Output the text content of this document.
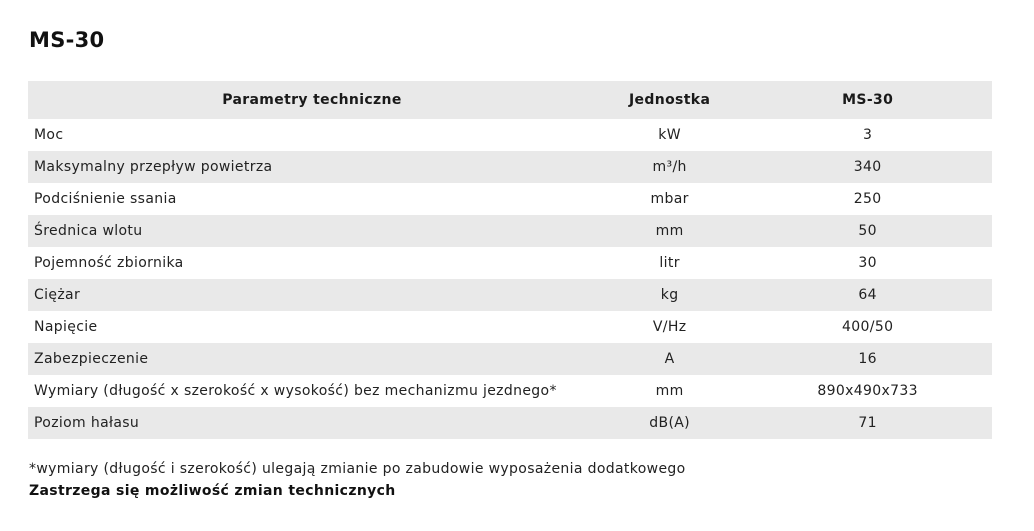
MS-30
Parametry techniczne	Jednostka	MS-30
Moc	kW	3
Maksymalny przepływ powietrza	m³/h	340
Podciśnienie ssania	mbar	250
Średnica wlotu	mm	50
Pojemność zbiornika	litr	30
Ciężar	kg	64
Napięcie	V/Hz	400/50
Zabezpieczenie	A	16
Wymiary (długość x szerokość x wysokość) bez mechanizmu jezdnego*	mm	890x490x733
Poziom hałasu	dB(A)	71
*wymiary (długość i szerokość) ulegają zmianie po zabudowie wyposażenia dodatkowego
Zastrzega się możliwość zmian technicznych
